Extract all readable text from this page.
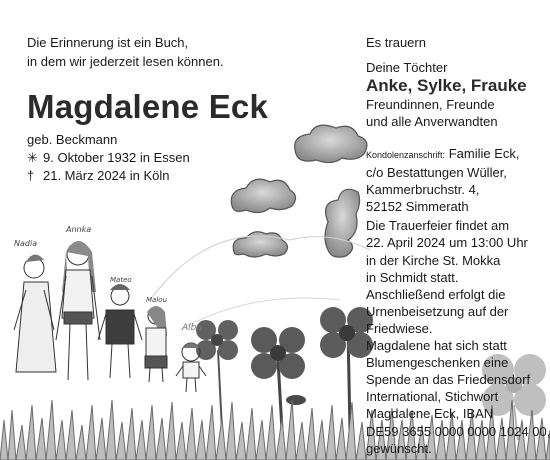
Nadia
Annka
Mateo
Malou
Albo
Die Erinnerung ist ein Buch,
in dem wir jederzeit lesen können.
Magdalene Eck
geb. Beckmann
✳ 9. Oktober 1932 in Essen
† 21. März 2024 in Köln
Es trauern
Deine Töchter
Anke, Sylke, Frauke
Freundinnen, Freunde
und alle Anverwandten
Kondolenzanschrift: Familie Eck,
c/o Bestattungen Wüller,
Kammerbruchstr. 4,
52152 Simmerath
Die Trauerfeier findet am
22. April 2024 um 13:00 Uhr
in der Kirche St. Mokka
in Schmidt statt.
Anschließend erfolgt die
Urnenbeisetzung auf der
Friedwiese.
Magdalene hat sich statt
Blumengeschenken eine
Spende an das Friedensdorf
International, Stichwort
Magdalene Eck, IBAN
DE59 3655 0000 0000 1024 00,
gewünscht.
